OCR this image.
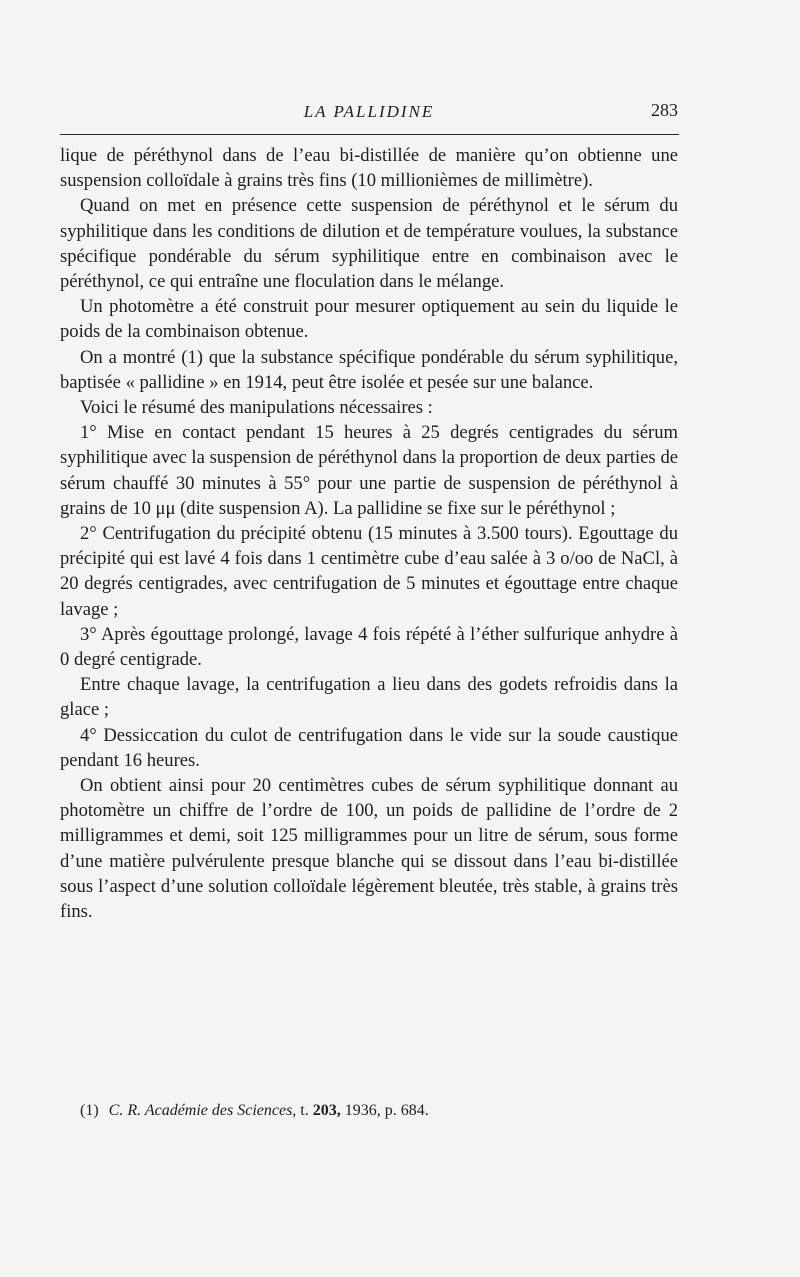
LA PALLIDINE	283

lique de péréthynol dans de l’eau bi-distillée de manière qu’on obtienne une suspension colloïdale à grains très fins (10 millionièmes de millimètre).

Quand on met en présence cette suspension de péréthynol et le sérum du syphilitique dans les conditions de dilution et de température voulues, la substance spécifique pondérable du sérum syphilitique entre en combinaison avec le péréthynol, ce qui entraîne une floculation dans le mélange.

Un photomètre a été construit pour mesurer optiquement au sein du liquide le poids de la combinaison obtenue.

On a montré (1) que la substance spécifique pondérable du sérum syphilitique, baptisée « pallidine » en 1914, peut être isolée et pesée sur une balance.

Voici le résumé des manipulations nécessaires :

1° Mise en contact pendant 15 heures à 25 degrés centigrades du sérum syphilitique avec la suspension de péréthynol dans la proportion de deux parties de sérum chauffé 30 minutes à 55° pour une partie de suspension de péréthynol à grains de 10 μμ (dite suspension A). La pallidine se fixe sur le péréthynol ;

2° Centrifugation du précipité obtenu (15 minutes à 3.500 tours). Egouttage du précipité qui est lavé 4 fois dans 1 centimètre cube d’eau salée à 3 o/oo de NaCl, à 20 degrés centigrades, avec centrifugation de 5 minutes et égouttage entre chaque lavage ;

3° Après égouttage prolongé, lavage 4 fois répété à l’éther sulfurique anhydre à 0 degré centigrade.

Entre chaque lavage, la centrifugation a lieu dans des godets refroidis dans la glace ;

4° Dessiccation du culot de centrifugation dans le vide sur la soude caustique pendant 16 heures.

On obtient ainsi pour 20 centimètres cubes de sérum syphilitique donnant au photomètre un chiffre de l’ordre de 100, un poids de pallidine de l’ordre de 2 milligrammes et demi, soit 125 milligrammes pour un litre de sérum, sous forme d’une matière pulvérulente presque blanche qui se dissout dans l’eau bi-distillée sous l’aspect d’une solution colloïdale légèrement bleutée, très stable, à grains très fins.

(1) C. R. Académie des Sciences, t. 203, 1936, p. 684.
